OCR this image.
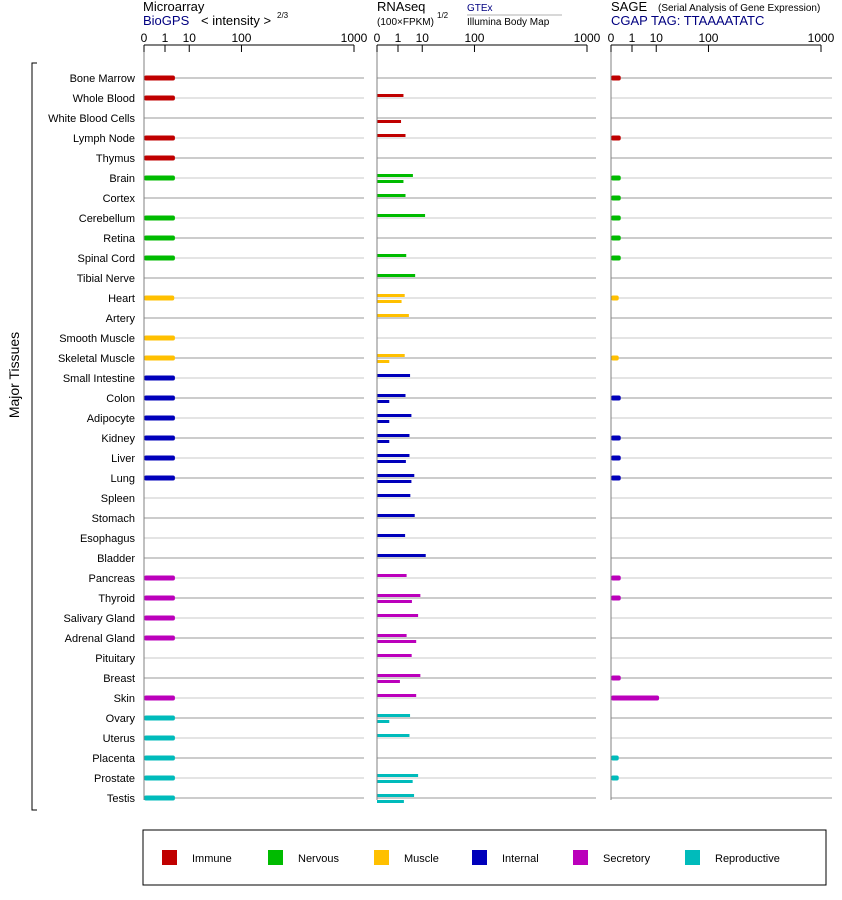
Bone Marrow
Whole Blood
White Blood Cells
Lymph Node
Thymus
Brain
Cortex
Cerebellum
Retina
Spinal Cord
Tibial Nerve
Heart
Artery
Smooth Muscle
Skeletal Muscle
Small Intestine
Colon
Adipocyte
Kidney
Liver
Lung
Spleen
Stomach
Esophagus
Bladder
Pancreas
Thyroid
Salivary Gland
Adrenal Gland
Pituitary
Breast
Skin
Ovary
Uterus
Placenta
Prostate
Testis
0 1 10	100	1000 0 1 10	100	1000 0 1 10	100	1000
Microarray
BioGPS < intensity > 2/3
RNAseq
(100×FPKM)
1/2
GTEx
Illumina Body Map
SAGE (Serial Analysis of Gene Expression)
CGAP TAG: TTAAAATATC
Major Tissues
Immune	Nervous	Muscle	Internal	Secretory	Reproductive
